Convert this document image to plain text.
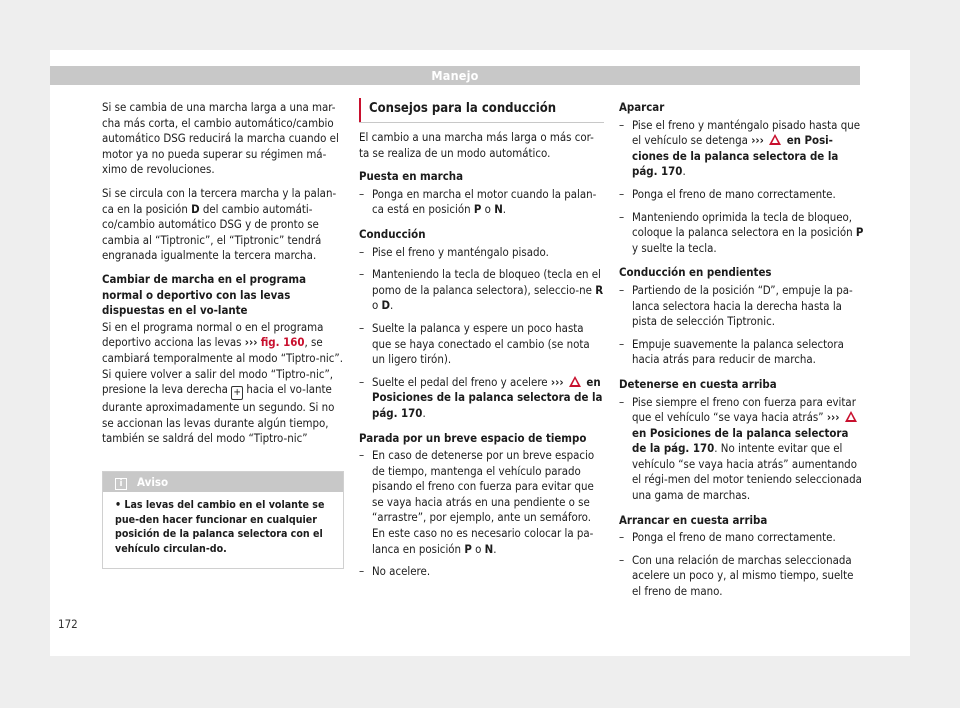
Manejo

Si se cambia de una marcha larga a una mar-cha más corta, el cambio automático/cambio automático DSG reducirá la marcha cuando el motor ya no pueda superar su régimen má-ximo de revoluciones.

Si se circula con la tercera marcha y la palan-ca en la posición D del cambio automáti-co/cambio automático DSG y de pronto se cambia al “Tiptronic”, el “Tiptronic” tendrá engranada igualmente la tercera marcha.

Cambiar de marcha en el programa normal o deportivo con las levas dispuestas en el vo-lante

Si en el programa normal o en el programa deportivo acciona las levas ››› fig. 160, se cambiará temporalmente al modo “Tiptro-nic”. Si quiere volver a salir del modo “Tiptro-nic”, presione la leva derecha + hacia el vo-lante durante aproximadamente un segundo. Si no se accionan las levas durante algún tiempo, también se saldrá del modo “Tiptro-nic”

i Aviso
• Las levas del cambio en el volante se pue-den hacer funcionar en cualquier posición de la palanca selectora con el vehículo circulan-do.
Consejos para la conducción

El cambio a una marcha más larga o más cor-ta se realiza de un modo automático.

Puesta en marcha

– Ponga en marcha el motor cuando la palan-ca está en posición P o N.

Conducción

– Pise el freno y manténgalo pisado.
– Manteniendo la tecla de bloqueo (tecla en el pomo de la palanca selectora), seleccio-ne R o D.
– Suelte la palanca y espere un poco hasta que se haya conectado el cambio (se nota un ligero tirón).
– Suelte el pedal del freno y acelere ›››  en Posiciones de la palanca selectora de la pág. 170.

Parada por un breve espacio de tiempo

– En caso de detenerse por un breve espacio de tiempo, mantenga el vehículo parado pisando el freno con fuerza para evitar que se vaya hacia atrás en una pendiente o se “arrastre”, por ejemplo, ante un semáforo. En este caso no es necesario colocar la pa-lanca en posición P o N.
– No acelere.

Aparcar

– Pise el freno y manténgalo pisado hasta que el vehículo se detenga ›››  en Posi-ciones de la palanca selectora de la pág. 170.
– Ponga el freno de mano correctamente.
– Manteniendo oprimida la tecla de bloqueo, coloque la palanca selectora en la posición P y suelte la tecla.

Conducción en pendientes

– Partiendo de la posición “D”, empuje la pa-lanca selectora hacia la derecha hasta la pista de selección Tiptronic.
– Empuje suavemente la palanca selectora hacia atrás para reducir de marcha.

Detenerse en cuesta arriba

– Pise siempre el freno con fuerza para evitar que el vehículo “se vaya hacia atrás” ›››  en Posiciones de la palanca selectora de la pág. 170. No intente evitar que el vehículo “se vaya hacia atrás” aumentando el régi-men del motor teniendo seleccionada una gama de marchas.

Arrancar en cuesta arriba

– Ponga el freno de mano correctamente.
– Con una relación de marchas seleccionada acelere un poco y, al mismo tiempo, suelte el freno de mano.
172
